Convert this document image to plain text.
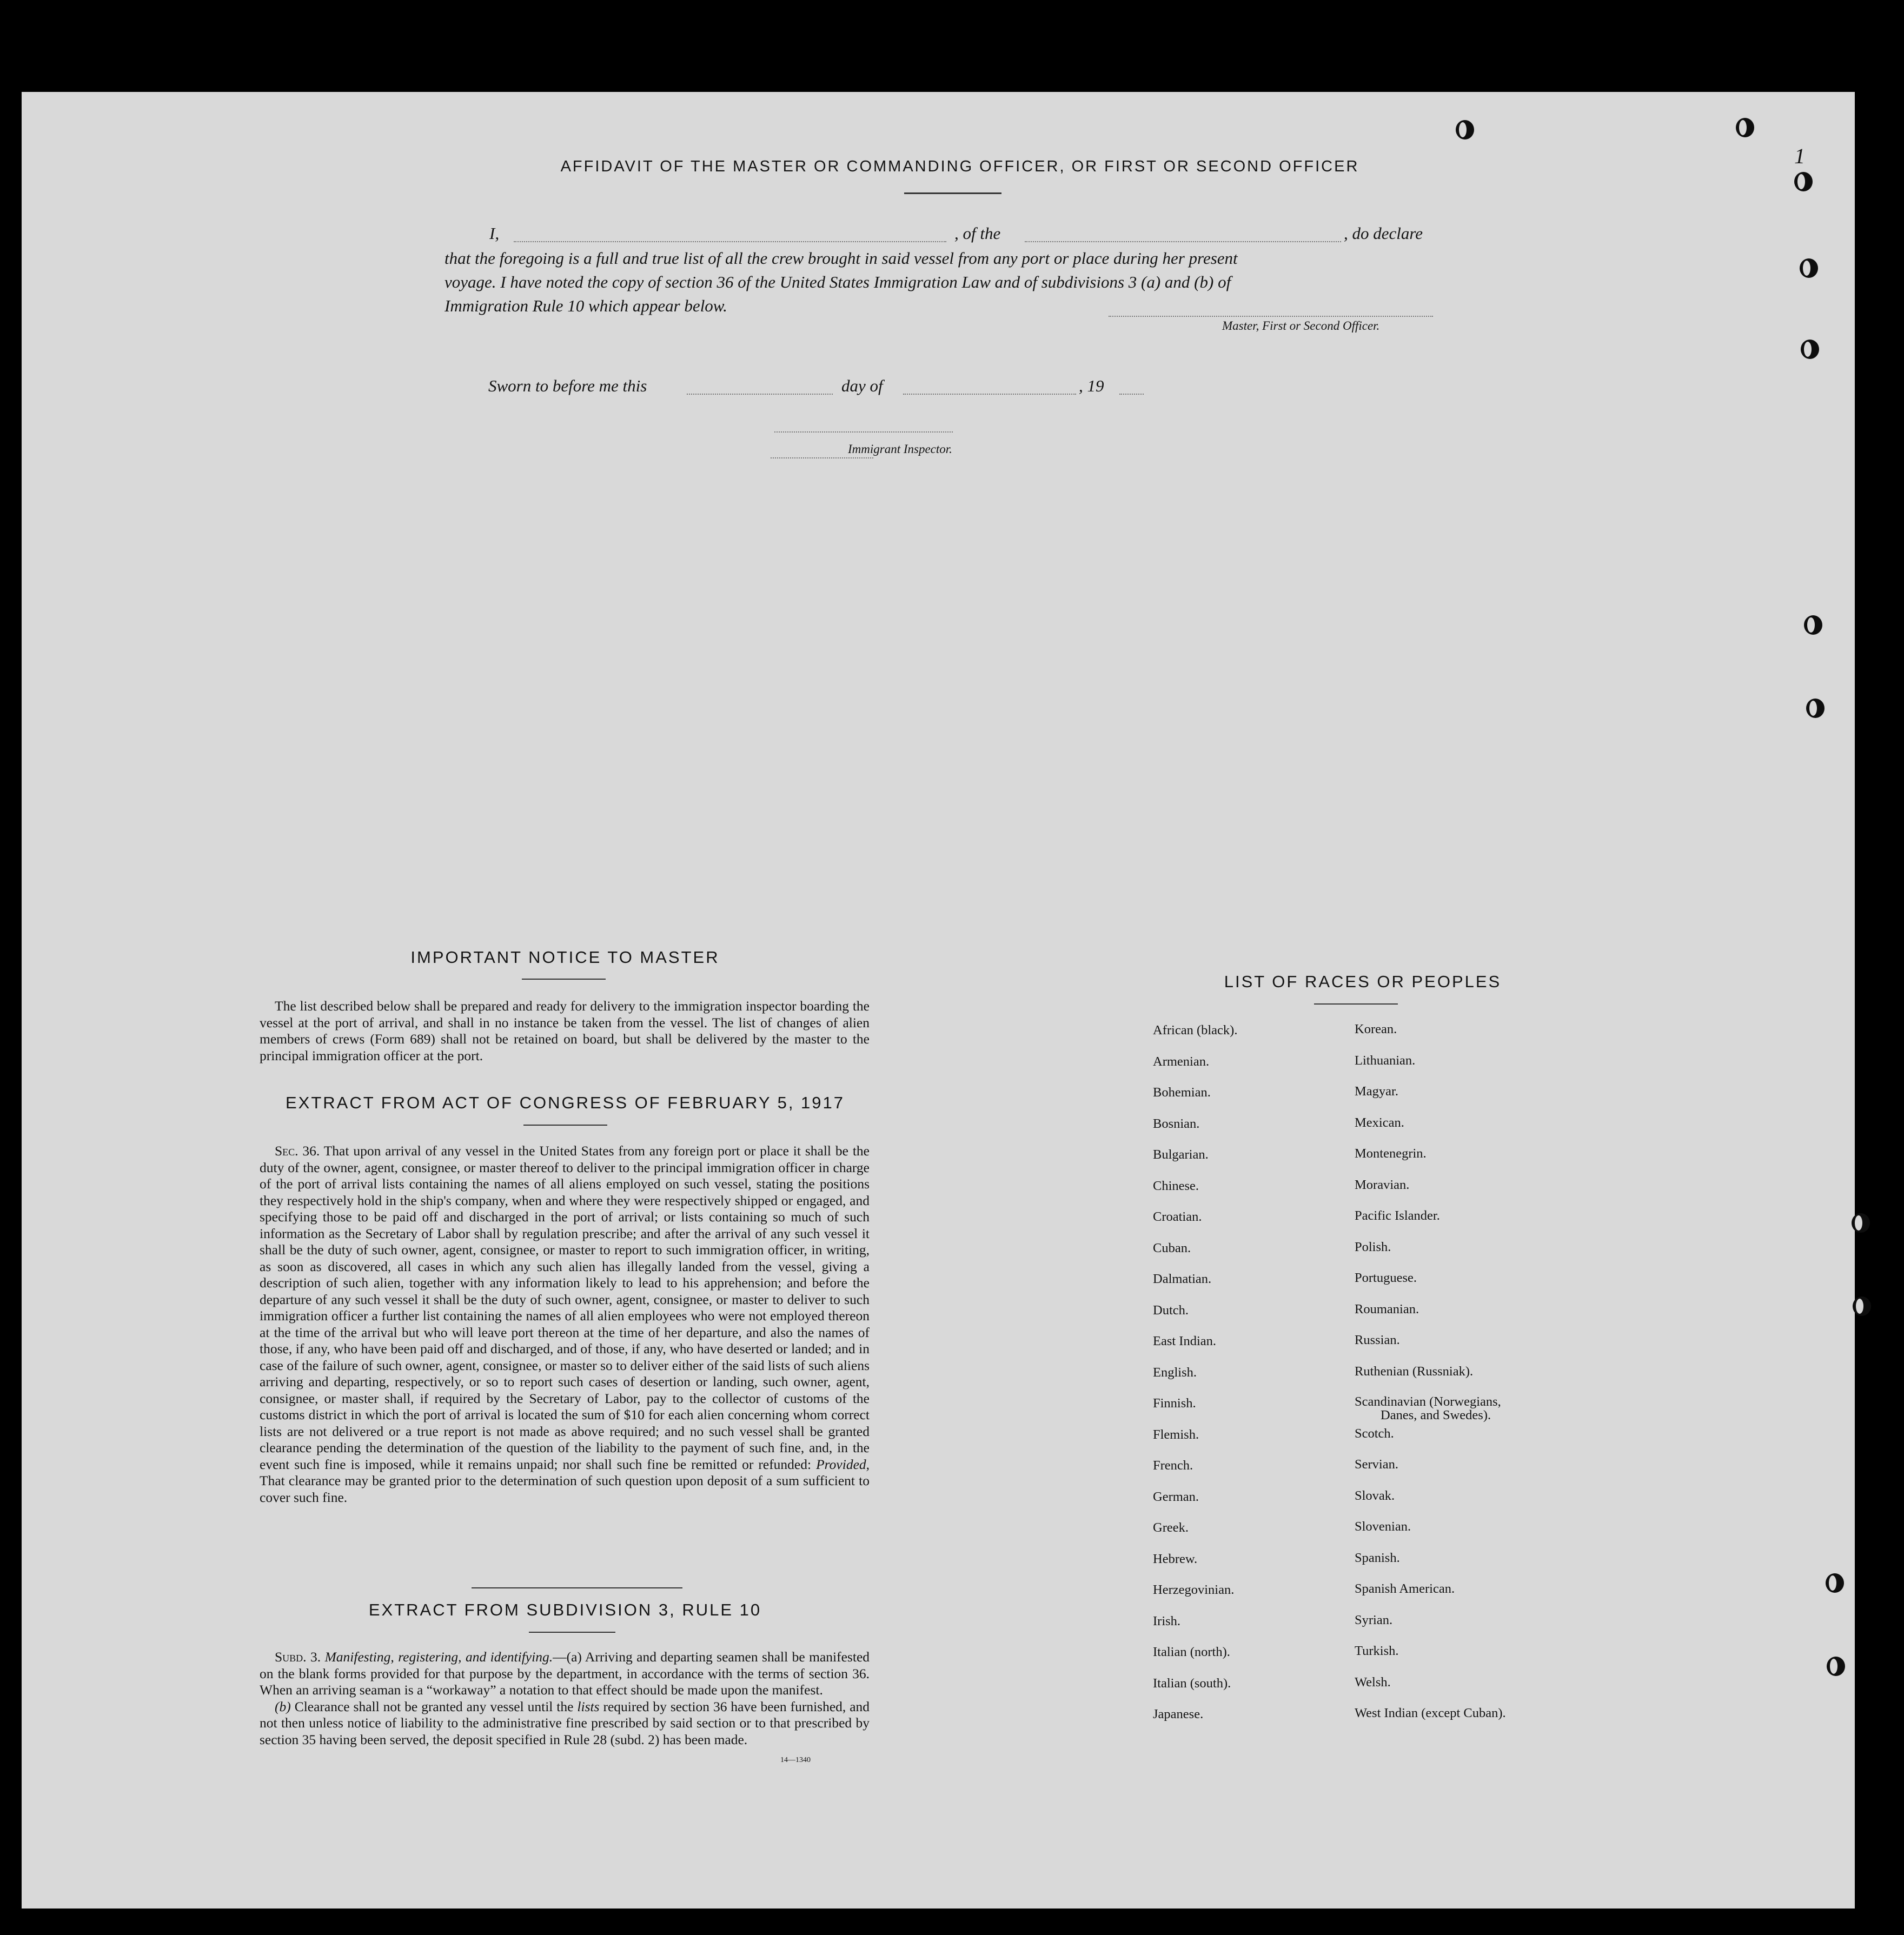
1
AFFIDAVIT OF THE MASTER OR COMMANDING OFFICER, OR FIRST OR SECOND OFFICER
I,	, of the	, do declare
that the foregoing is a full and true list of all the crew brought in said vessel from any port or place during her present
voyage. I have noted the copy of section 36 of the United States Immigration Law and of subdivisions 3 (a) and (b) of
Immigration Rule 10 which appear below.
Master, First or Second Officer.
Sworn to before me this	day of	, 19
Immigrant Inspector.
IMPORTANT NOTICE TO MASTER

The list described below shall be prepared and ready for delivery to the immigration inspector boarding the vessel at the port of arrival, and shall in no instance be taken from the vessel. The list of changes of alien members of crews (Form 689) shall not be retained on board, but shall be delivered by the master to the principal immigration officer at the port.

EXTRACT FROM ACT OF CONGRESS OF FEBRUARY 5, 1917

Sec. 36. That upon arrival of any vessel in the United States from any foreign port or place it shall be the duty of the owner, agent, consignee, or master thereof to deliver to the principal immigration officer in charge of the port of arrival lists containing the names of all aliens employed on such vessel, stating the positions they respectively hold in the ship's company, when and where they were respectively shipped or engaged, and specifying those to be paid off and discharged in the port of arrival; or lists containing so much of such information as the Secretary of Labor shall by regulation prescribe; and after the arrival of any such vessel it shall be the duty of such owner, agent, consignee, or master to report to such immigration officer, in writing, as soon as discovered, all cases in which any such alien has illegally landed from the vessel, giving a description of such alien, together with any information likely to lead to his apprehension; and before the departure of any such vessel it shall be the duty of such owner, agent, consignee, or master to deliver to such immigration officer a further list containing the names of all alien employees who were not employed thereon at the time of the arrival but who will leave port thereon at the time of her departure, and also the names of those, if any, who have been paid off and discharged, and of those, if any, who have deserted or landed; and in case of the failure of such owner, agent, consignee, or master so to deliver either of the said lists of such aliens arriving and departing, respectively, or so to report such cases of desertion or landing, such owner, agent, consignee, or master shall, if required by the Secretary of Labor, pay to the collector of customs of the customs district in which the port of arrival is located the sum of $10 for each alien concerning whom correct lists are not delivered or a true report is not made as above required; and no such vessel shall be granted clearance pending the determination of the question of the liability to the payment of such fine, and, in the event such fine is imposed, while it remains unpaid; nor shall such fine be remitted or refunded: Provided, That clearance may be granted prior to the determination of such question upon deposit of a sum sufficient to cover such fine.

EXTRACT FROM SUBDIVISION 3, RULE 10

Subd. 3. Manifesting, registering, and identifying.—(a) Arriving and departing seamen shall be manifested on the blank forms provided for that purpose by the department, in accordance with the terms of section 36. When an arriving seaman is a “workaway” a notation to that effect should be made upon the manifest.

(b) Clearance shall not be granted any vessel until the lists required by section 36 have been furnished, and not then unless notice of liability to the administrative fine prescribed by said section or to that prescribed by section 35 having been served, the deposit specified in Rule 28 (subd. 2) has been made.

14—1340
LIST OF RACES OR PEOPLES
African (black).
Armenian.
Bohemian.
Bosnian.
Bulgarian.
Chinese.
Croatian.
Cuban.
Dalmatian.
Dutch.
East Indian.
English.
Finnish.
Flemish.
French.
German.
Greek.
Hebrew.
Herzegovinian.
Irish.
Italian (north).
Italian (south).
Japanese.
Korean.
Lithuanian.
Magyar.
Mexican.
Montenegrin.
Moravian.
Pacific Islander.
Polish.
Portuguese.
Roumanian.
Russian.
Ruthenian (Russniak).
Scandinavian (Norwegians,
Danes, and Swedes).
Scotch.
Servian.
Slovak.
Slovenian.
Spanish.
Spanish American.
Syrian.
Turkish.
Welsh.
West Indian (except Cuban).
